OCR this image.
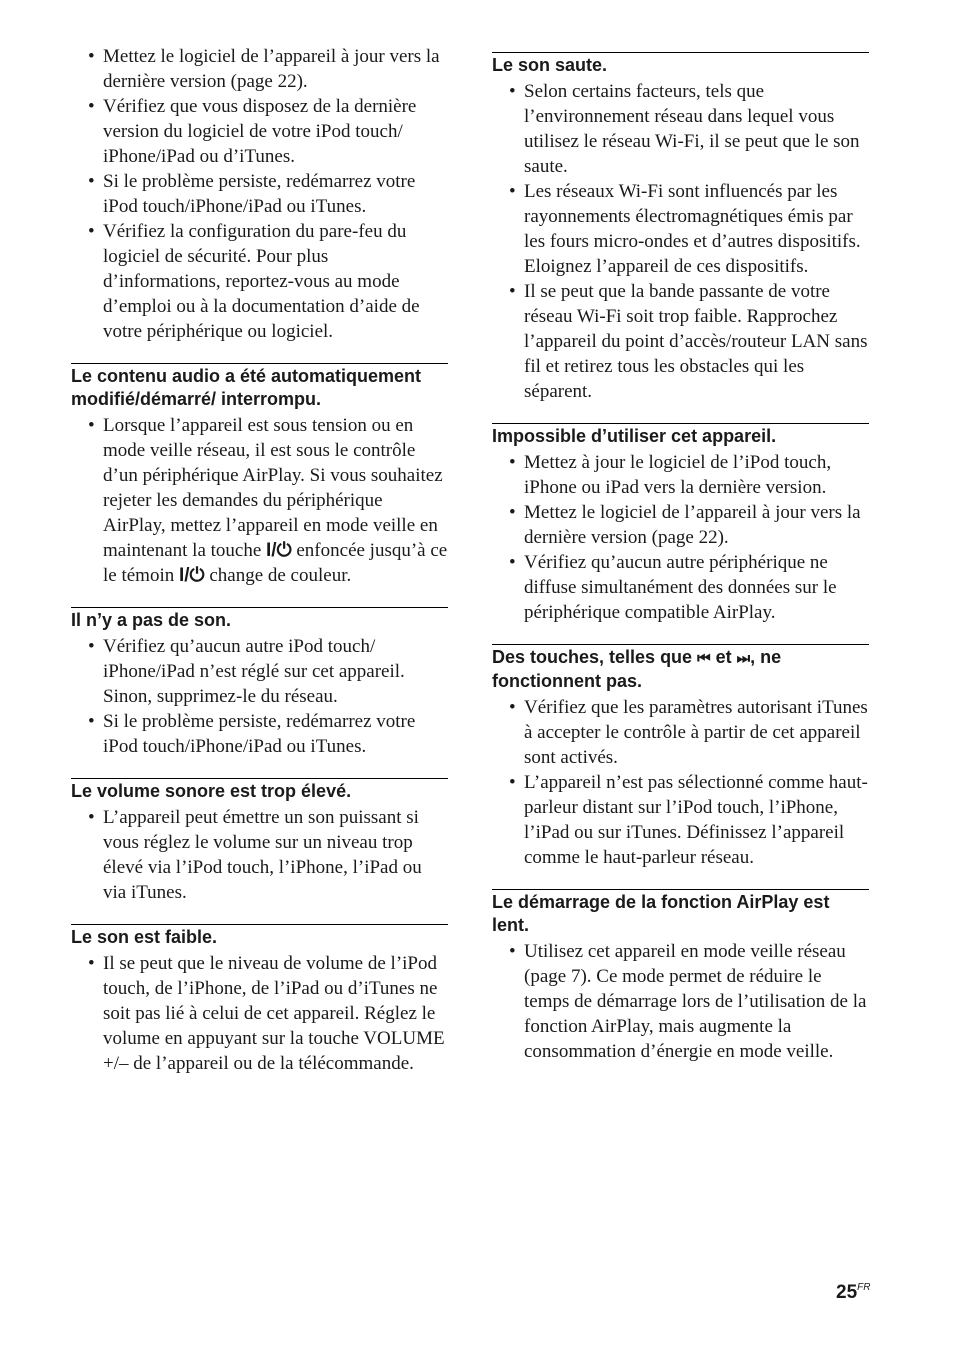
• Mettez le logiciel de l’appareil à jour vers la dernière version (page 22).
• Vérifiez que vous disposez de la dernière version du logiciel de votre iPod touch/ iPhone/iPad ou d’iTunes.
• Si le problème persiste, redémarrez votre iPod touch/iPhone/iPad ou iTunes.
• Vérifiez la configuration du pare-feu du logiciel de sécurité. Pour plus d’informations, reportez-vous au mode d’emploi ou à la documentation d’aide de votre périphérique ou logiciel.
Le contenu audio a été automatiquement modifié/démarré/ interrompu.
• Lorsque l’appareil est sous tension ou en mode veille réseau, il est sous le contrôle d’un périphérique AirPlay. Si vous souhaitez rejeter les demandes du périphérique AirPlay, mettez l’appareil en mode veille en maintenant la touche I/⏻ enfoncée jusqu’à ce le témoin I/⏻ change de couleur.
Il n’y a pas de son.
• Vérifiez qu’aucun autre iPod touch/ iPhone/iPad n’est réglé sur cet appareil. Sinon, supprimez-le du réseau.
• Si le problème persiste, redémarrez votre iPod touch/iPhone/iPad ou iTunes.
Le volume sonore est trop élevé.
• L’appareil peut émettre un son puissant si vous réglez le volume sur un niveau trop élevé via l’iPod touch, l’iPhone, l’iPad ou via iTunes.
Le son est faible.
• Il se peut que le niveau de volume de l’iPod touch, de l’iPhone, de l’iPad ou d’iTunes ne soit pas lié à celui de cet appareil. Réglez le volume en appuyant sur la touche VOLUME +/– de l’appareil ou de la télécommande.
Le son saute.
• Selon certains facteurs, tels que l’environnement réseau dans lequel vous utilisez le réseau Wi-Fi, il se peut que le son saute.
• Les réseaux Wi-Fi sont influencés par les rayonnements électromagnétiques émis par les fours micro-ondes et d’autres dispositifs. Eloignez l’appareil de ces dispositifs.
• Il se peut que la bande passante de votre réseau Wi-Fi soit trop faible. Rapprochez l’appareil du point d’accès/routeur LAN sans fil et retirez tous les obstacles qui les séparent.
Impossible d’utiliser cet appareil.
• Mettez à jour le logiciel de l’iPod touch, iPhone ou iPad vers la dernière version.
• Mettez le logiciel de l’appareil à jour vers la dernière version (page 22).
• Vérifiez qu’aucun autre périphérique ne diffuse simultanément des données sur le périphérique compatible AirPlay.
Des touches, telles que ⏮ et ⏭, ne fonctionnent pas.
• Vérifiez que les paramètres autorisant iTunes à accepter le contrôle à partir de cet appareil sont activés.
• L’appareil n’est pas sélectionné comme haut-parleur distant sur l’iPod touch, l’iPhone, l’iPad ou sur iTunes. Définissez l’appareil comme le haut-parleur réseau.
Le démarrage de la fonction AirPlay est lent.
• Utilisez cet appareil en mode veille réseau (page 7). Ce mode permet de réduire le temps de démarrage lors de l’utilisation de la fonction AirPlay, mais augmente la consommation d’énergie en mode veille.
$25^{FR}$
